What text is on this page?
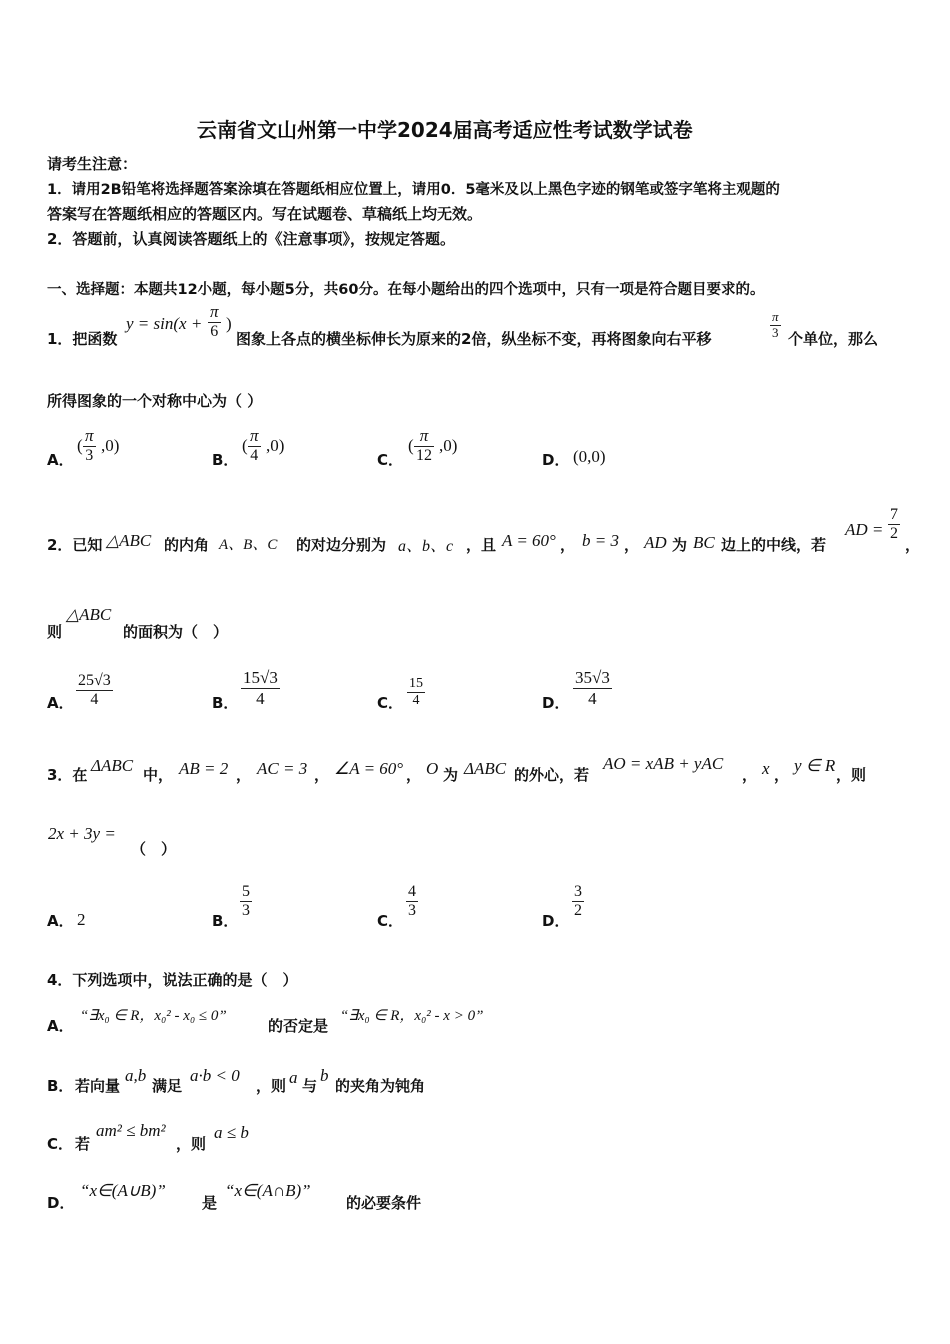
云南省文山州第一中学2024届高考适应性考试数学试卷
请考生注意：
1．请用2B铅笔将选择题答案涂填在答题纸相应位置上，请用0．5毫米及以上黑色字迹的钢笔或签字笔将主观题的
答案写在答题纸相应的答题区内。写在试题卷、草稿纸上均无效。
2．答题前，认真阅读答题纸上的《注意事项》，按规定答题。
一、选择题：本题共12小题，每小题5分，共60分。在每小题给出的四个选项中，只有一项是符合题目要求的。
1．把函数
$y = \sin(x + \frac{\pi}{6}$ )
图象上各点的横坐标伸长为原来的2倍，纵坐标不变，再将图象向右平移	$\frac{\pi}{3}$ 个单位，那么
所得图象的一个对称中心为（ ）
A．
( $\frac{\pi}{3} ,0$)
B．
( $\frac{\pi}{4} ,0$)
C．
( $\frac{\pi}{12} ,0$)
D． (0,0)
2．已知 △ABC 的内角 A、B、C 的对边分别为 a、b、c ，且 A = 60° ， b = 3 ， AD 为 BC 边上的中线，若
AD = $\frac{7}{2}$
，
则
△ABC
的面积为（　）
A． $\frac{25√3}{4}$	B． $\frac{15√3}{4}$	C． $\frac{15}{4}$	D． $\frac{35√3}{4}$
3．在 ΔABC 中， AB = 2 ， AC = 3 ， ∠A = 60° ， O 为 ΔABC 的外心，若
AO = xAB + yAC
， x ， y ∈ R ，则
2x + 3y =
（　）
A． 2	B．
$\frac{5}{3}$
C．
$\frac{4}{3}$
D．
$\frac{3}{2}$
4．下列选项中，说法正确的是（　）
A．
“∃x₀ ∈ R，x₀² - x₀ ≤ 0”
的否定是
“∃x₀ ∈ R，x₀² - x > 0”
B． 若向量
a,b
满足
a·b < 0
，则 a 与
b
的夹角为钝角
C． 若
am² ≤ bm²
，则
a ≤ b
D．
“x∈(A∪B)”
是
“x∈(A∩B)”
的必要条件
